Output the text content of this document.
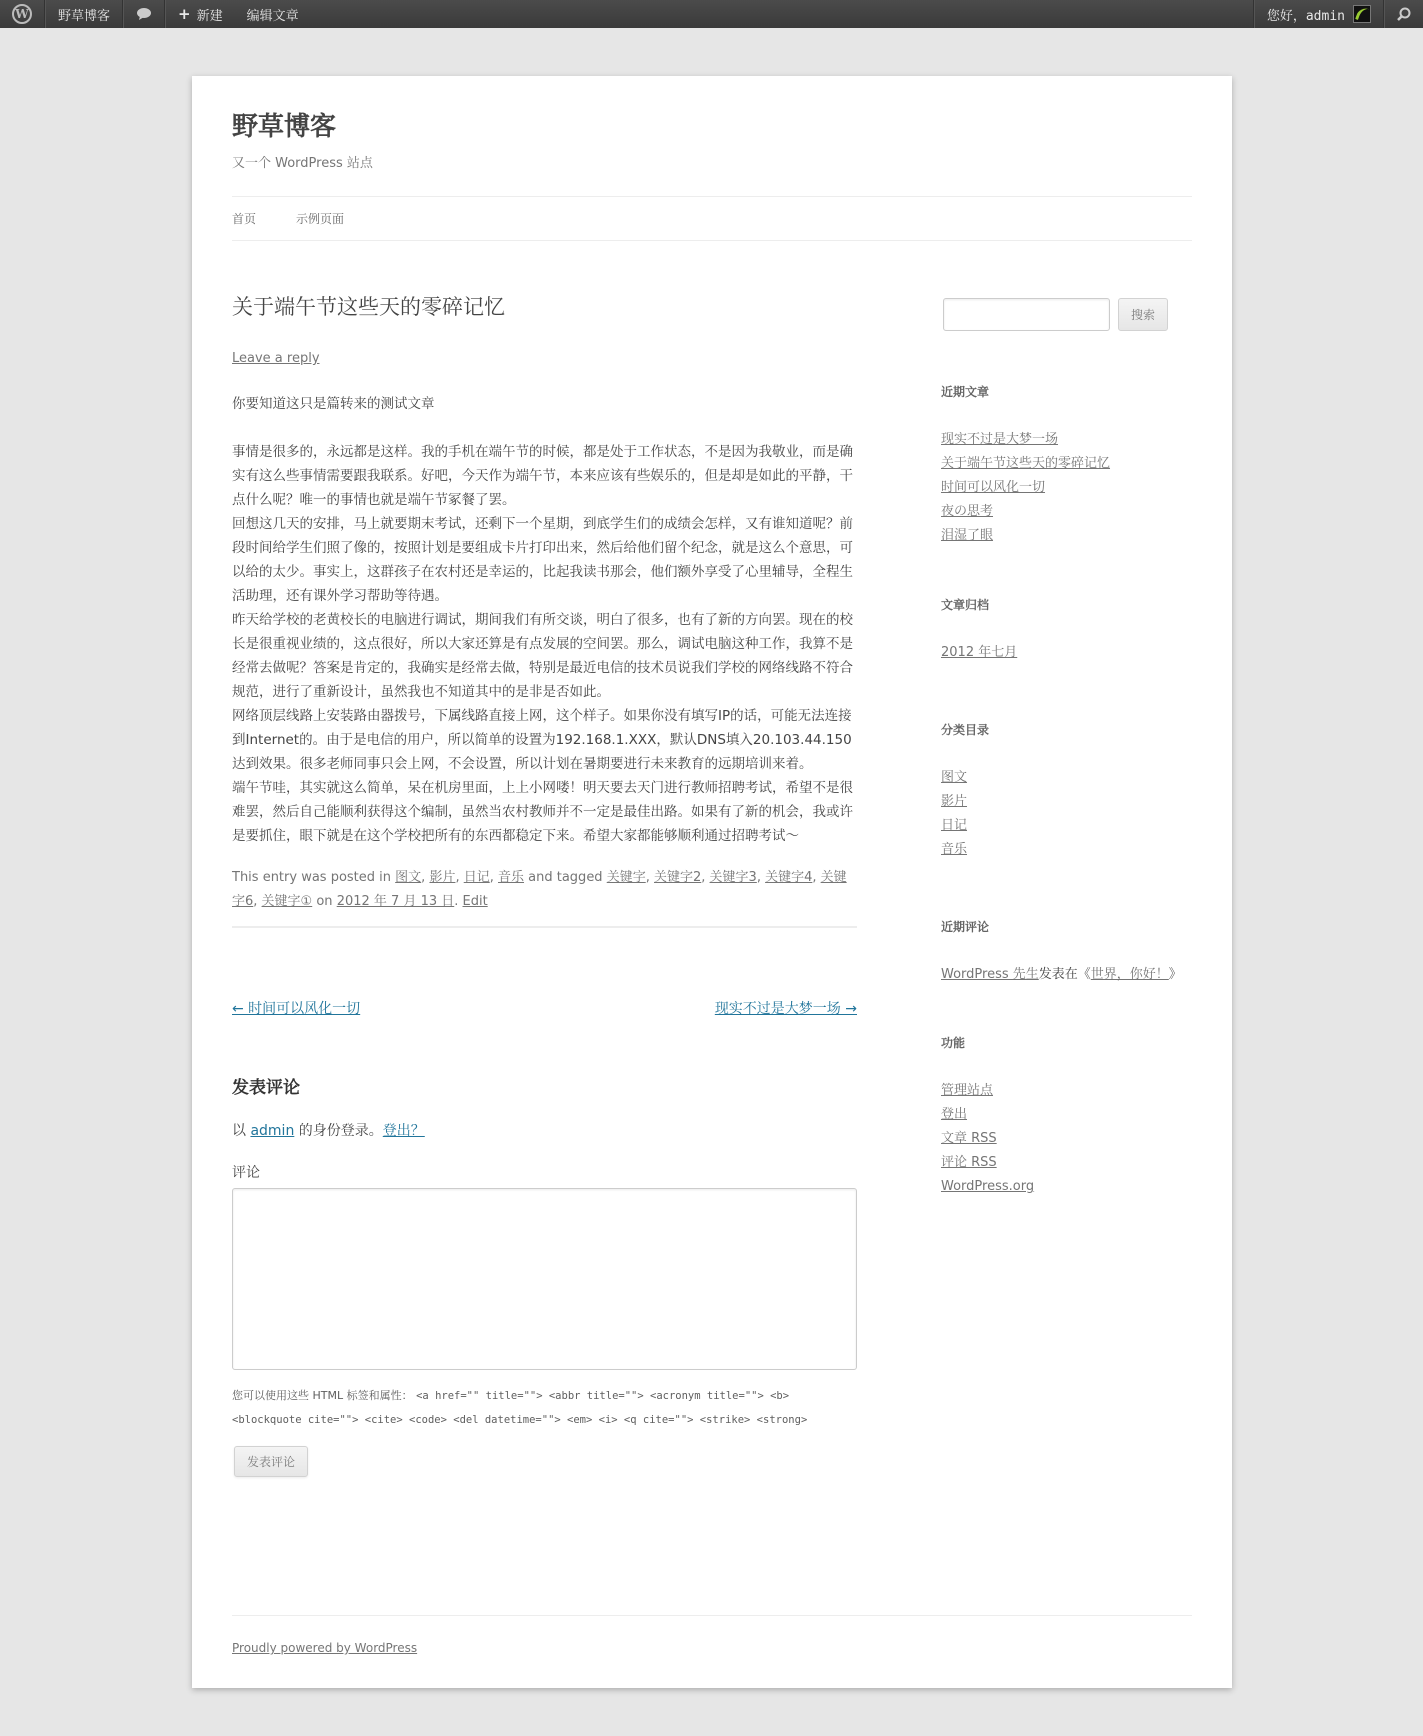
W	野草博客	+ 新建	编辑文章	您好，admin
野草博客
又一个 WordPress 站点
首页	示例页面
关于端午节这些天的零碎记忆
Leave a reply

你要知道这只是篇转来的测试文章

事情是很多的，永远都是这样。我的手机在端午节的时候，都是处于工作状态，不是因为我敬业，而是确实有这么些事情需要跟我联系。好吧，今天作为端午节，本来应该有些娱乐的，但是却是如此的平静，干点什么呢？唯一的事情也就是端午节冢餐了罢。

回想这几天的安排，马上就要期末考试，还剩下一个星期，到底学生们的成绩会怎样，又有谁知道呢？前段时间给学生们照了像的，按照计划是要组成卡片打印出来，然后给他们留个纪念，就是这么个意思，可以给的太少。事实上，这群孩子在农村还是幸运的，比起我读书那会，他们额外享受了心里辅导，全程生活助理，还有课外学习帮助等待遇。

昨天给学校的老黄校长的电脑进行调试，期间我们有所交谈，明白了很多，也有了新的方向罢。现在的校长是很重视业绩的，这点很好，所以大家还算是有点发展的空间罢。那么，调试电脑这种工作，我算不是经常去做呢？答案是肯定的，我确实是经常去做，特别是最近电信的技术员说我们学校的网络线路不符合规范，进行了重新设计，虽然我也不知道其中的是非是否如此。

网络顶层线路上安装路由器拨号，下属线路直接上网，这个样子。如果你没有填写IP的话，可能无法连接到Internet的。由于是电信的用户，所以简单的设置为192.168.1.XXX，默认DNS填入20.103.44.150达到效果。很多老师同事只会上网，不会设置，所以计划在暑期要进行未来教育的远期培训来着。

端午节哇，其实就这么简单，呆在机房里面，上上小网喽！明天要去天门进行教师招聘考试，希望不是很难罢，然后自己能顺利获得这个编制，虽然当农村教师并不一定是最佳出路。如果有了新的机会，我或许是要抓住，眼下就是在这个学校把所有的东西都稳定下来。希望大家都能够顺利通过招聘考试～

This entry was posted in 图文, 影片, 日记, 音乐 and tagged 关键字, 关键字2, 关键字3, 关键字4, 关键字6, 关键字① on 2012 年 7 月 13 日. Edit
← 时间可以风化一切	现实不过是大梦一场 →
发表评论
以 admin 的身份登录。登出？
评论
您可以使用这些 HTML 标签和属性： <a href="" title=""> <abbr title=""> <acronym title=""> <b> <blockquote cite=""> <cite> <code> <del datetime=""> <em> <i> <q cite=""> <strike> <strong>
发表评论
搜索
近期文章
现实不过是大梦一场
关于端午节这些天的零碎记忆
时间可以风化一切
夜の思考
泪湿了眼
文章归档
2012 年七月
分类目录
图文
影片
日记
音乐
近期评论
WordPress 先生发表在《世界，你好！》
功能
管理站点
登出
文章 RSS
评论 RSS
WordPress.org
Proudly powered by WordPress
